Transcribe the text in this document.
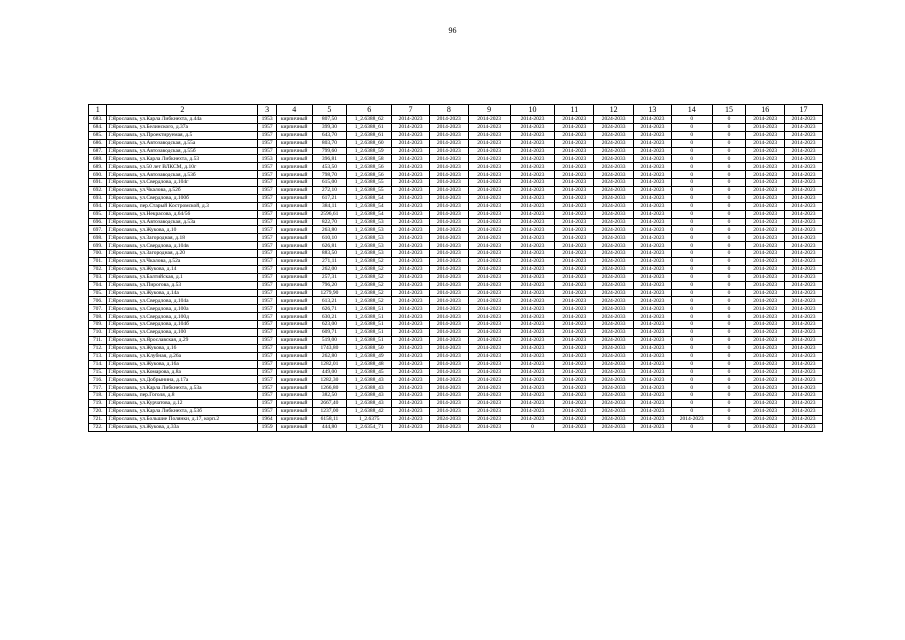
96
1	2	3	4	5	6	7	8	9	10	11	12	13	14	15	16	17
683.	Г.Ярославль, ул.Карла Либкнехта, д.44а	1953	кирпичный	807,50	1_2.6388_62	2014-2023	2014-2023	2014-2023	2014-2023	2014-2023	2024-2033	2014-2023	0	0	2014-2023	2014-2023
684.	Г.Ярославль, ул.Белинского, д.37а	1957	кирпичный	399,30	1_2.6388_61	2014-2023	2014-2023	2014-2023	2014-2023	2014-2023	2024-2033	2014-2023	0	0	2014-2023	2014-2023
685.	Г.Ярославль, ул.Проектируемая, д.5	1957	кирпичный	643,70	1_2.6388_61	2014-2023	2014-2023	2014-2023	2014-2023	2014-2023	2024-2033	2014-2023	0	0	2014-2023	2014-2023
686.	Г.Ярославль, ул.Автозаводская, д.55а	1957	кирпичный	803,70	1_2.6388_60	2014-2023	2014-2023	2014-2023	2014-2023	2014-2023	2024-2033	2014-2023	0	0	2014-2023	2014-2023
687.	Г.Ярославль, ул.Автозаводская, д.55б	1957	кирпичный	799,60	1_2.6388_59	2014-2023	2014-2023	2014-2023	2014-2023	2014-2023	2024-2033	2014-2023	0	0	2014-2023	2014-2023
688.	Г.Ярославль, ул.Карла Либкнехта, д.53	1953	кирпичный	396,81	1_2.6388_58	2014-2023	2014-2023	2014-2023	2014-2023	2014-2023	2024-2033	2014-2023	0	0	2014-2023	2014-2023
689.	Г.Ярославль, ул.50 лет ВЛКСМ, д.10г	1957	кирпичный	453,50	1_2.6388_56	2014-2023	2014-2023	2014-2023	2014-2023	2014-2023	2024-2033	2014-2023	0	0	2014-2023	2014-2023
690.	Г.Ярославль, ул.Автозаводская, д.53б	1957	кирпичный	798,70	1_2.6388_56	2014-2023	2014-2023	2014-2023	2014-2023	2014-2023	2024-2033	2014-2023	0	0	2014-2023	2014-2023
691.	Г.Ярославль, ул.Свердлова, д.104г	1957	кирпичный	615,00	1_2.6388_55	2014-2023	2014-2023	2014-2023	2014-2023	2014-2023	2024-2033	2014-2023	0	0	2014-2023	2014-2023
692.	Г.Ярославль, ул.Чкалова, д.52б	1957	кирпичный	272,10	1_2.6388_55	2014-2023	2014-2023	2014-2023	2014-2023	2014-2023	2024-2033	2014-2023	0	0	2014-2023	2014-2023
693.	Г.Ярославль, ул.Свердлова, д.100б	1957	кирпичный	617,21	1_2.6388_54	2014-2023	2014-2023	2014-2023	2014-2023	2014-2023	2024-2033	2014-2023	0	0	2014-2023	2014-2023
694.	Г.Ярославль, пер.Старый Костромской, д.3	1957	кирпичный	384,11	1_2.6388_54	2014-2023	2014-2023	2014-2023	2014-2023	2014-2023	2024-2033	2014-2023	0	0	2014-2023	2014-2023
695.	Г.Ярославль, ул.Некрасова, д.64/56	1957	кирпичный	2596,61	1_2.6388_54	2014-2023	2014-2023	2014-2023	2014-2023	2014-2023	2024-2033	2014-2023	0	0	2014-2023	2014-2023
696.	Г.Ярославль, ул.Автозаводская, д.53а	1957	кирпичный	822,70	1_2.6388_53	2014-2023	2014-2023	2014-2023	2014-2023	2014-2023	2024-2033	2014-2023	0	0	2014-2023	2014-2023
697.	Г.Ярославль, ул.Жукова, д.10	1957	кирпичный	263,80	1_2.6388_53	2014-2023	2014-2023	2014-2023	2014-2023	2014-2023	2024-2033	2014-2023	0	0	2014-2023	2014-2023
698.	Г.Ярославль, ул.Загородная, д.18	1957	кирпичный	610,10	1_2.6388_53	2014-2023	2014-2023	2014-2023	2014-2023	2014-2023	2024-2033	2014-2023	0	0	2014-2023	2014-2023
699.	Г.Ярославль, ул.Свердлова, д.104в	1957	кирпичный	626,81	1_2.6388_53	2014-2023	2014-2023	2014-2023	2014-2023	2014-2023	2024-2033	2014-2023	0	0	2014-2023	2014-2023
700.	Г.Ярославль, ул.Загородная, д.20	1957	кирпичный	883,50	1_2.6388_53	2014-2023	2014-2023	2014-2023	2014-2023	2014-2023	2024-2033	2014-2023	0	0	2014-2023	2014-2023
701.	Г.Ярославль, ул.Чкалова, д.52а	1957	кирпичный	271,11	1_2.6388_52	2014-2023	2014-2023	2014-2023	2014-2023	2014-2023	2024-2033	2014-2023	0	0	2014-2023	2014-2023
702.	Г.Ярославль, ул.Жукова, д.14	1957	кирпичный	262,00	1_2.6388_52	2014-2023	2014-2023	2014-2023	2014-2023	2014-2023	2024-2033	2014-2023	0	0	2014-2023	2014-2023
703.	Г.Ярославль, ул.Балтийская, д.1	1957	кирпичный	257,31	1_2.6388_52	2014-2023	2014-2023	2014-2023	2014-2023	2014-2023	2024-2033	2014-2023	0	0	2014-2023	2014-2023
704.	Г.Ярославль, ул.Пирогова, д.53	1957	кирпичный	796,20	1_2.6388_52	2014-2023	2014-2023	2014-2023	2014-2023	2014-2023	2024-2033	2014-2023	0	0	2014-2023	2014-2023
705.	Г.Ярославль, ул.Жукова, д.14а	1957	кирпичный	1279,90	1_2.6388_52	2014-2023	2014-2023	2014-2023	2014-2023	2014-2023	2024-2033	2014-2023	0	0	2014-2023	2014-2023
706.	Г.Ярославль, ул.Свердлова, д.104а	1957	кирпичный	613,21	1_2.6388_52	2014-2023	2014-2023	2014-2023	2014-2023	2014-2023	2024-2033	2014-2023	0	0	2014-2023	2014-2023
707.	Г.Ярославль, ул.Свердлова, д.100а	1957	кирпичный	626,71	1_2.6388_51	2014-2023	2014-2023	2014-2023	2014-2023	2014-2023	2024-2033	2014-2023	0	0	2014-2023	2014-2023
708.	Г.Ярославль, ул.Свердлова, д.100д	1957	кирпичный	630,21	1_2.6388_51	2014-2023	2014-2023	2014-2023	2014-2023	2014-2023	2024-2033	2014-2023	0	0	2014-2023	2014-2023
709.	Г.Ярославль, ул.Свердлова, д.104б	1957	кирпичный	623,00	1_2.6388_51	2014-2023	2014-2023	2014-2023	2014-2023	2014-2023	2024-2033	2014-2023	0	0	2014-2023	2014-2023
710.	Г.Ярославль, ул.Свердлова, д.100	1957	кирпичный	609,71	1_2.6388_51	2014-2023	2014-2023	2014-2023	2014-2023	2014-2023	2024-2033	2014-2023	0	0	2014-2023	2014-2023
711.	Г.Ярославль, ул.Ярославская, д.29	1957	кирпичный	519,00	1_2.6388_51	2014-2023	2014-2023	2014-2023	2014-2023	2014-2023	2024-2033	2014-2023	0	0	2014-2023	2014-2023
712.	Г.Ярославль, ул.Жукова, д.16	1957	кирпичный	1743,80	1_2.6388_50	2014-2023	2014-2023	2014-2023	2014-2023	2014-2023	2024-2033	2014-2023	0	0	2014-2023	2014-2023
713.	Г.Ярославль, ул.Клубная, д.26а	1957	кирпичный	262,80	1_2.6388_49	2014-2023	2014-2023	2014-2023	2014-2023	2014-2023	2024-2033	2014-2023	0	0	2014-2023	2014-2023
714.	Г.Ярославль, ул.Жукова, д.16а	1957	кирпичный	1282,01	1_2.6388_48	2014-2023	2014-2023	2014-2023	2014-2023	2014-2023	2024-2033	2014-2023	0	0	2014-2023	2014-2023
715.	Г.Ярославль, ул.Комарова, д.8а	1957	кирпичный	449,00	1_2.6388_45	2014-2023	2014-2023	2014-2023	2014-2023	2014-2023	2024-2033	2014-2023	0	0	2014-2023	2014-2023
716.	Г.Ярославль, ул.Добрынина, д.17а	1957	кирпичный	1282,30	1_2.6388_43	2014-2023	2014-2023	2014-2023	2014-2023	2014-2023	2024-2033	2014-2023	0	0	2014-2023	2014-2023
717.	Г.Ярославль, ул.Карла Либкнехта, д.53а	1957	кирпичный	1266,80	1_2.6388_43	2014-2023	2014-2023	2014-2023	2014-2023	2014-2023	2024-2033	2014-2023	0	0	2014-2023	2014-2023
718.	Г.Ярославль, пер.Гоголя, д.8	1957	кирпичный	382,50	1_2.6388_43	2014-2023	2014-2023	2014-2023	2014-2023	2014-2023	2024-2033	2014-2023	0	0	2014-2023	2014-2023
719.	Г.Ярославль, ул.Курчатова, д.12	1957	кирпичный	2667,40	1_2.6388_43	2014-2023	2014-2023	2014-2023	2014-2023	2014-2023	2024-2033	2014-2023	0	0	2014-2023	2014-2023
720.	Г.Ярославль, ул.Карла Либкнехта, д.53б	1957	кирпичный	1237,00	1_2.6388_42	2014-2023	2014-2023	2014-2023	2014-2023	2014-2023	2024-2033	2014-2023	0	0	2014-2023	2014-2023
721.	Г.Ярославль, ул.Большие Полянки, д.17, корп.2	1964	кирпичный	6158,11	1_2.6375	2014-2023	2024-2033	2014-2023	2014-2023	2014-2023	2024-2033	2014-2023	2014-2023	0	2014-2023	2014-2023
722.	Г.Ярославль, ул.Жукова, д.33а	1959	кирпичный	444,80	1_2.6354_71	2014-2023	2014-2023	2014-2023	0	2014-2023	2024-2033	2014-2023	0	0	2014-2023	2014-2023
